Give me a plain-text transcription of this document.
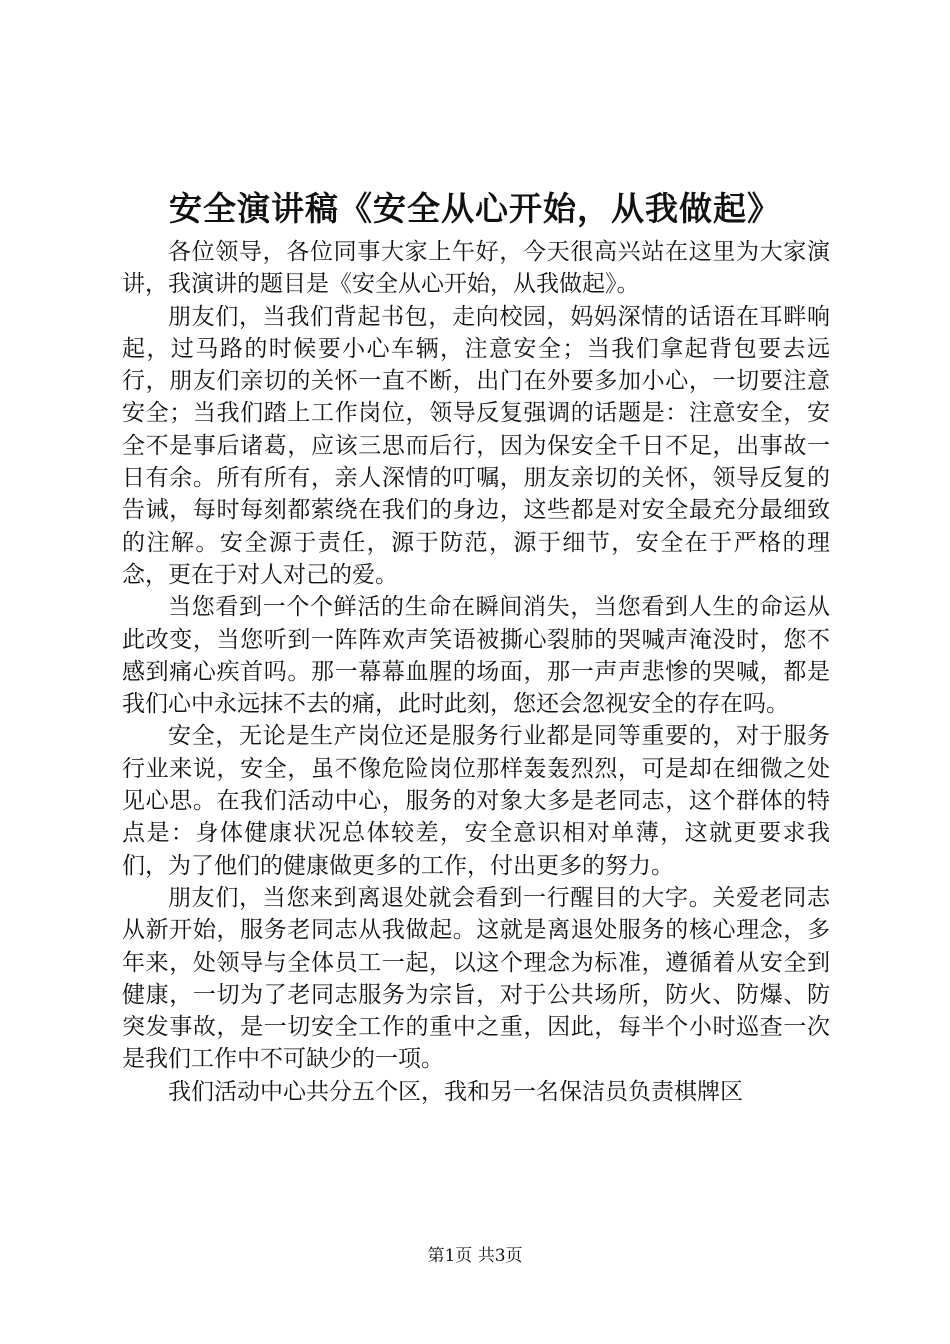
安全演讲稿《安全从心开始，从我做起》

各位领导，各位同事大家上午好，今天很高兴站在这里为大家演讲，我演讲的题目是《安全从心开始，从我做起》。

朋友们，当我们背起书包，走向校园，妈妈深情的话语在耳畔响起，过马路的时候要小心车辆，注意安全；当我们拿起背包要去远行，朋友们亲切的关怀一直不断，出门在外要多加小心，一切要注意安全；当我们踏上工作岗位，领导反复强调的话题是：注意安全，安全不是事后诸葛，应该三思而后行，因为保安全千日不足，出事故一日有余。所有所有，亲人深情的叮嘱，朋友亲切的关怀，领导反复的告诫，每时每刻都萦绕在我们的身边，这些都是对安全最充分最细致的注解。安全源于责任，源于防范，源于细节，安全在于严格的理念，更在于对人对己的爱。

当您看到一个个鲜活的生命在瞬间消失，当您看到人生的命运从此改变，当您听到一阵阵欢声笑语被撕心裂肺的哭喊声淹没时，您不感到痛心疾首吗。那一幕幕血腥的场面，那一声声悲惨的哭喊，都是我们心中永远抹不去的痛，此时此刻，您还会忽视安全的存在吗。

安全，无论是生产岗位还是服务行业都是同等重要的，对于服务行业来说，安全，虽不像危险岗位那样轰轰烈烈，可是却在细微之处见心思。在我们活动中心，服务的对象大多是老同志，这个群体的特点是：身体健康状况总体较差，安全意识相对单薄，这就更要求我们，为了他们的健康做更多的工作，付出更多的努力。

朋友们，当您来到离退处就会看到一行醒目的大字。关爱老同志从新开始，服务老同志从我做起。这就是离退处服务的核心理念，多年来，处领导与全体员工一起，以这个理念为标准，遵循着从安全到健康，一切为了老同志服务为宗旨，对于公共场所，防火、防爆、防突发事故，是一切安全工作的重中之重，因此，每半个小时巡查一次是我们工作中不可缺少的一项。

我们活动中心共分五个区，我和另一名保洁员负责棋牌区

第1页 共3页
